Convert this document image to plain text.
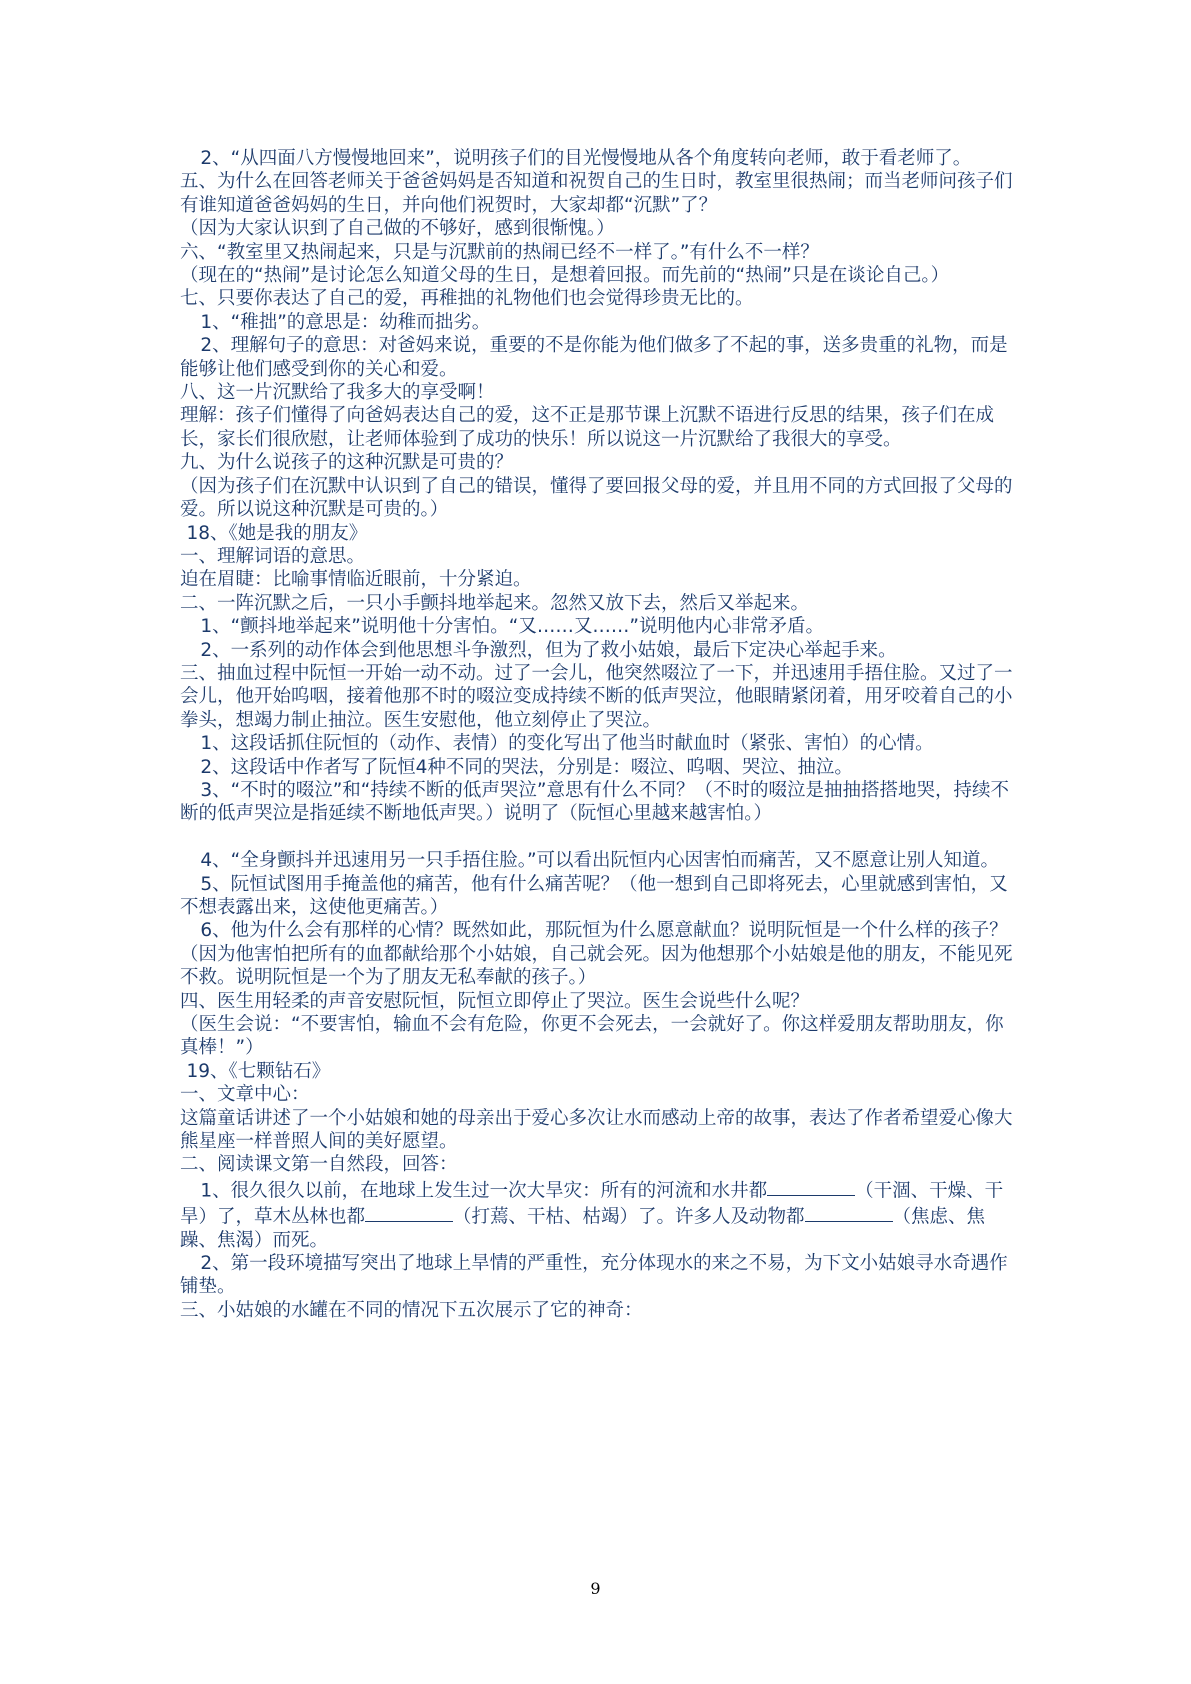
2、“从四面八方慢慢地回来”，说明孩子们的目光慢慢地从各个角度转向老师，敢于看老师了。

五、为什么在回答老师关于爸爸妈妈是否知道和祝贺自己的生日时，教室里很热闹；而当老师问孩子们有谁知道爸爸妈妈的生日，并向他们祝贺时，大家却都“沉默”了？

（因为大家认识到了自己做的不够好，感到很惭愧。）

六、“教室里又热闹起来，只是与沉默前的热闹已经不一样了。”有什么不一样？

（现在的“热闹”是讨论怎么知道父母的生日，是想着回报。而先前的“热闹”只是在谈论自己。）

七、只要你表达了自己的爱，再稚拙的礼物他们也会觉得珍贵无比的。

1、“稚拙”的意思是：幼稚而拙劣。

2、理解句子的意思：对爸妈来说，重要的不是你能为他们做多了不起的事，送多贵重的礼物，而是能够让他们感受到你的关心和爱。

八、这一片沉默给了我多大的享受啊！

理解：孩子们懂得了向爸妈表达自己的爱，这不正是那节课上沉默不语进行反思的结果，孩子们在成长，家长们很欣慰，让老师体验到了成功的快乐！所以说这一片沉默给了我很大的享受。

九、为什么说孩子的这种沉默是可贵的？

（因为孩子们在沉默中认识到了自己的错误，懂得了要回报父母的爱，并且用不同的方式回报了父母的爱。所以说这种沉默是可贵的。）

18、《她是我的朋友》

一、理解词语的意思。

迫在眉睫：比喻事情临近眼前，十分紧迫。

二、一阵沉默之后，一只小手颤抖地举起来。忽然又放下去，然后又举起来。

1、“颤抖地举起来”说明他十分害怕。“又……又……”说明他内心非常矛盾。

2、一系列的动作体会到他思想斗争激烈，但为了救小姑娘，最后下定决心举起手来。

三、抽血过程中阮恒一开始一动不动。过了一会儿，他突然啜泣了一下，并迅速用手捂住脸。又过了一会儿，他开始呜咽，接着他那不时的啜泣变成持续不断的低声哭泣，他眼睛紧闭着，用牙咬着自己的小拳头，想竭力制止抽泣。医生安慰他，他立刻停止了哭泣。

1、这段话抓住阮恒的（动作、表情）的变化写出了他当时献血时（紧张、害怕）的心情。

2、这段话中作者写了阮恒4种不同的哭法，分别是：啜泣、呜咽、哭泣、抽泣。

3、“不时的啜泣”和“持续不断的低声哭泣”意思有什么不同？（不时的啜泣是抽抽搭搭地哭，持续不断的低声哭泣是指延续不断地低声哭。）说明了（阮恒心里越来越害怕。）

4、“全身颤抖并迅速用另一只手捂住脸。”可以看出阮恒内心因害怕而痛苦，又不愿意让别人知道。

5、阮恒试图用手掩盖他的痛苦，他有什么痛苦呢？（他一想到自己即将死去，心里就感到害怕，又不想表露出来，这使他更痛苦。）

6、他为什么会有那样的心情？既然如此，那阮恒为什么愿意献血？说明阮恒是一个什么样的孩子？

（因为他害怕把所有的血都献给那个小姑娘，自己就会死。因为他想那个小姑娘是他的朋友，不能见死不救。说明阮恒是一个为了朋友无私奉献的孩子。）

四、医生用轻柔的声音安慰阮恒，阮恒立即停止了哭泣。医生会说些什么呢？

（医生会说：“不要害怕，输血不会有危险，你更不会死去，一会就好了。你这样爱朋友帮助朋友，你真棒！”）

19、《七颗钻石》

一、文章中心：

这篇童话讲述了一个小姑娘和她的母亲出于爱心多次让水而感动上帝的故事，表达了作者希望爱心像大熊星座一样普照人间的美好愿望。

二、阅读课文第一自然段，回答：

1、很久很久以前，在地球上发生过一次大旱灾：所有的河流和水井都	（干涸、干燥、干旱）了，草木丛林也都	（打蔫、干枯、枯竭）了。许多人及动物都	（焦虑、焦躁、焦渴）而死。

2、第一段环境描写突出了地球上旱情的严重性，充分体现水的来之不易，为下文小姑娘寻水奇遇作铺垫。

三、小姑娘的水罐在不同的情况下五次展示了它的神奇：

9
